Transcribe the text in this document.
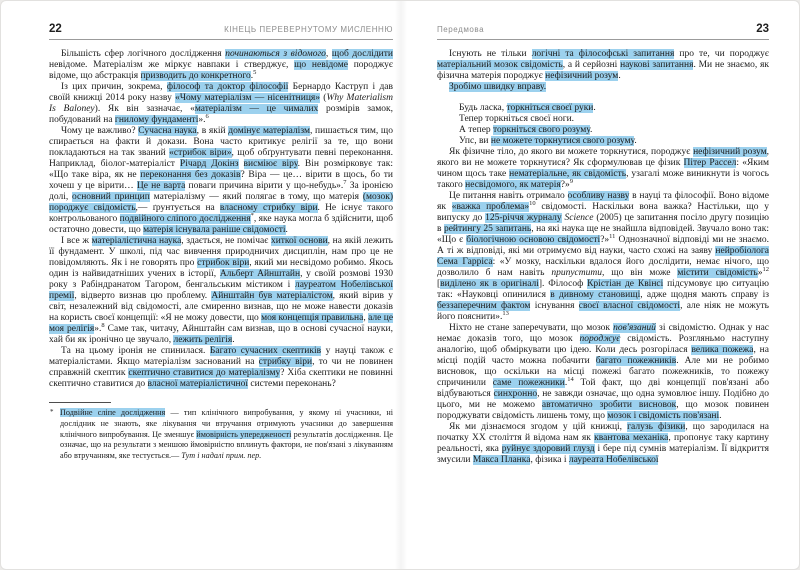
22	КІНЕЦЬ ПЕРЕВЕРНУТОМУ МИСЛЕННЮ

Більшість сфер логічного дослідження починаються з відомого, щоб дослідити невідоме. Матеріалізм же міркує навпаки і стверджує, що невідоме породжує відоме, що абстракція призводить до конкретного.$^5$

Із цих причин, зокрема, філософ та доктор філософії Бернардо Каструп і дав своїй книжці 2014 року назву «Чому матеріалізм — нісенітниця» (Why Materialism Is Baloney). Як він зазначає, «матеріалізм — це чималих розмірів замок, побудований на гнилому фундаменті».$^6$

Чому це важливо? Сучасна наука, в якій домінує матеріалізм, пишається тим, що спирається на факти й докази. Вона часто критикує релігії за те, що вони покладаються на так званий «стрибок віри», щоб обґрунтувати певні переконання. Наприклад, біолог-матеріаліст Річард Докінз висміює віру. Він розмірковує так: «Що таке віра, як не переконання без доказів? Віра — це… вірити в щось, бо ти хочеш у це вірити… Це не варта поваги причина вірити у що-небудь».$^7$ За іронією долі, основний принцип матеріалізму — який полягає в тому, що матерія (мозок) породжує свідомість,— ґрунтується на власному стрибку віри. Не існує такого контрольованого подвійного сліпого дослідження*, яке наука могла б здійснити, щоб остаточно довести, що матерія існувала раніше свідомості.

І все ж матеріалістична наука, здається, не помічає хиткої основи, на якій лежить її фундамент. У школі, під час вивчення природничих дисциплін, нам про це не повідомляють. Як і не говорять про стрибок віри, який ми несвідомо робимо. Якось один із найвидатніших учених в історії, Альберт Айнштайн, у своїй розмові 1930 року з Рабіндранатом Тагором, бенгальським містиком і лауреатом Нобелівської премії, відверто визнав цю проблему. Айнштайн був матеріалістом, який вірив у світ, незалежний від свідомості, але смиренно визнав, що не може навести доказів на користь своєї концепції: «Я не можу довести, що моя концепція правильна, але це моя релігія».$^8$ Саме так, читачу, Айнштайн сам визнав, що в основі сучасної науки, хай би як іронічно це звучало, лежить релігія.

Та на цьому іронія не спинилася. Багато сучасних скептиків у науці також є матеріалістами. Якщо матеріалізм заснований на стрибку віри, то чи не повинен справжній скептик скептично ставитися до матеріалізму? Хіба скептики не повинні скептично ставитися до власної матеріалістичної системи переконань?

* Подвійне сліпе дослідження — тип клінічного випробування, у якому ні учасники, ні дослідник не знають, яке лікування чи втручання отримують учасники до завершення клінічного випробування. Це зменшує ймовірність упередженості результатів дослідження. Це означає, що на результати з меншою ймовірністю вплинуть фактори, не пов'язані з лікуванням або втручанням, яке тестується.— Тут і надалі прим. пер.
Передмова	23

Існують не тільки логічні та філософські запитання про те, чи породжує матеріальний мозок свідомість, а й серйозні наукові запитання. Ми не знаємо, як фізична матерія породжує нефізичний розум.

Зробімо швидку вправу.

Будь ласка, торкніться своєї руки.

Тепер торкніться своєї ноги.

А тепер торкніться свого розуму.

Упс, ви не можете торкнутися свого розуму.

Як фізичне тіло, до якого ви можете торкнутися, породжує нефізичний розум, якого ви не можете торкнутися? Як сформулював це фізик Пітер Рассел: «Яким чином щось таке нематеріальне, як свідомість, узагалі може виникнути із чогось такого несвідомого, як матерія?»$^9$

Це питання навіть отримало особливу назву в науці та філософії. Воно відоме як «важка проблема»$^{10}$ свідомості. Наскільки вона важка? Настільки, що у випуску до 125-річчя журналу Science (2005) це запитання посіло другу позицію в рейтингу 25 запитань, на які наука ще не знайшла відповідей. Звучало воно так: «Що є біологічною основою свідомості?»$^{11}$ Однозначної відповіді ми не знаємо. А ті ж відповіді, які ми отримуємо від науки, часто схожі на заяву нейробіолога Сема Гарріса: «У мозку, наскільки вдалося його дослідити, немає нічого, що дозволило б нам навіть припустити, що він може містити свідомість»$^{12}$ [виділено як в оригіналі]. Філософ Крістіан де Квінсі підсумовує цю ситуацію так: «Науковці опинилися в дивному становищі, адже щодня мають справу із беззаперечним фактом існування своєї власної свідомості, але ніяк не можуть його пояснити».$^{13}$

Ніхто не стане заперечувати, що мозок пов'язаний зі свідомістю. Однак у нас немає доказів того, що мозок породжує свідомість. Розгляньмо наступну аналогію, щоб обміркувати цю ідею. Коли десь розгорілася велика пожежа, на місці подій часто можна побачити багато пожежників. Але ми не робимо висновок, що оскільки на місці пожежі багато пожежників, то пожежу спричинили саме пожежники.$^{14}$ Той факт, що дві концепції пов'язані або відбуваються синхронно, не завжди означає, що одна зумовлює іншу. Подібно до цього, ми не можемо автоматично зробити висновок, що мозок повинен породжувати свідомість лишень тому, що мозок і свідомість пов'язані.

Як ми дізнаємося згодом у цій книжці, галузь фізики, що зародилася на початку XX століття й відома нам як квантова механіка, пропонує таку картину реальності, яка руйнує здоровий глузд і бере під сумнів матеріалізм. Її відкриття змусили Макса Планка, фізика і лауреата Нобелівської
